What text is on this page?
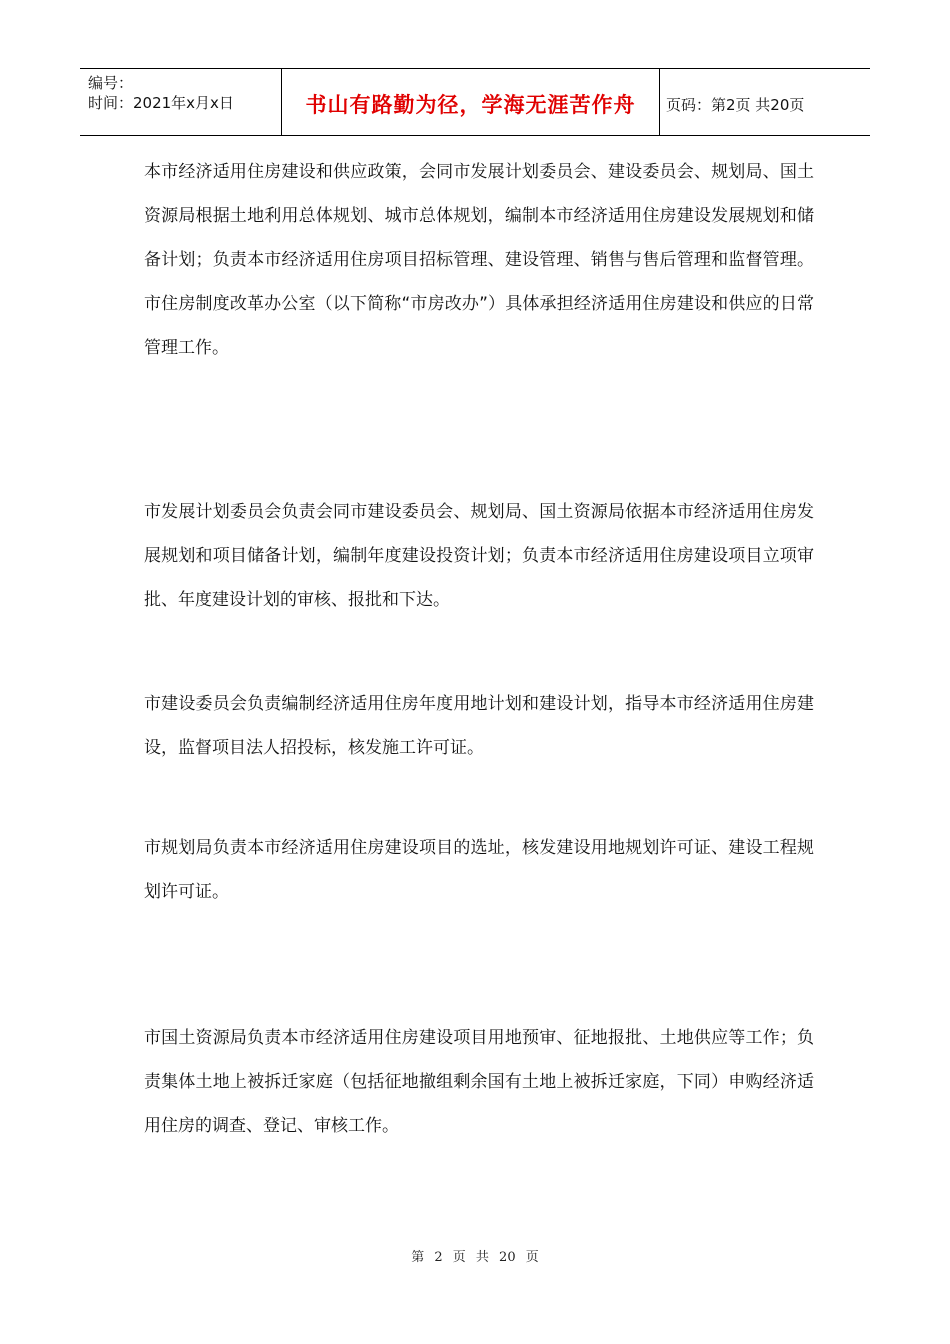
编号：
时间：2021年x月x日	书山有路勤为径，学海无涯苦作舟	页码：第2页 共20页

本市经济适用住房建设和供应政策，会同市发展计划委员会、建设委员会、规划局、国土资源局根据土地利用总体规划、城市总体规划，编制本市经济适用住房建设发展规划和储备计划；负责本市经济适用住房项目招标管理、建设管理、销售与售后管理和监督管理。市住房制度改革办公室（以下简称“市房改办”）具体承担经济适用住房建设和供应的日常管理工作。

市发展计划委员会负责会同市建设委员会、规划局、国土资源局依据本市经济适用住房发展规划和项目储备计划，编制年度建设投资计划；负责本市经济适用住房建设项目立项审批、年度建设计划的审核、报批和下达。

市建设委员会负责编制经济适用住房年度用地计划和建设计划，指导本市经济适用住房建设，监督项目法人招投标，核发施工许可证。

市规划局负责本市经济适用住房建设项目的选址，核发建设用地规划许可证、建设工程规划许可证。

市国土资源局负责本市经济适用住房建设项目用地预审、征地报批、土地供应等工作；负责集体土地上被拆迁家庭（包括征地撤组剩余国有土地上被拆迁家庭，下同）申购经济适用住房的调查、登记、审核工作。

第 2 页 共 20 页
